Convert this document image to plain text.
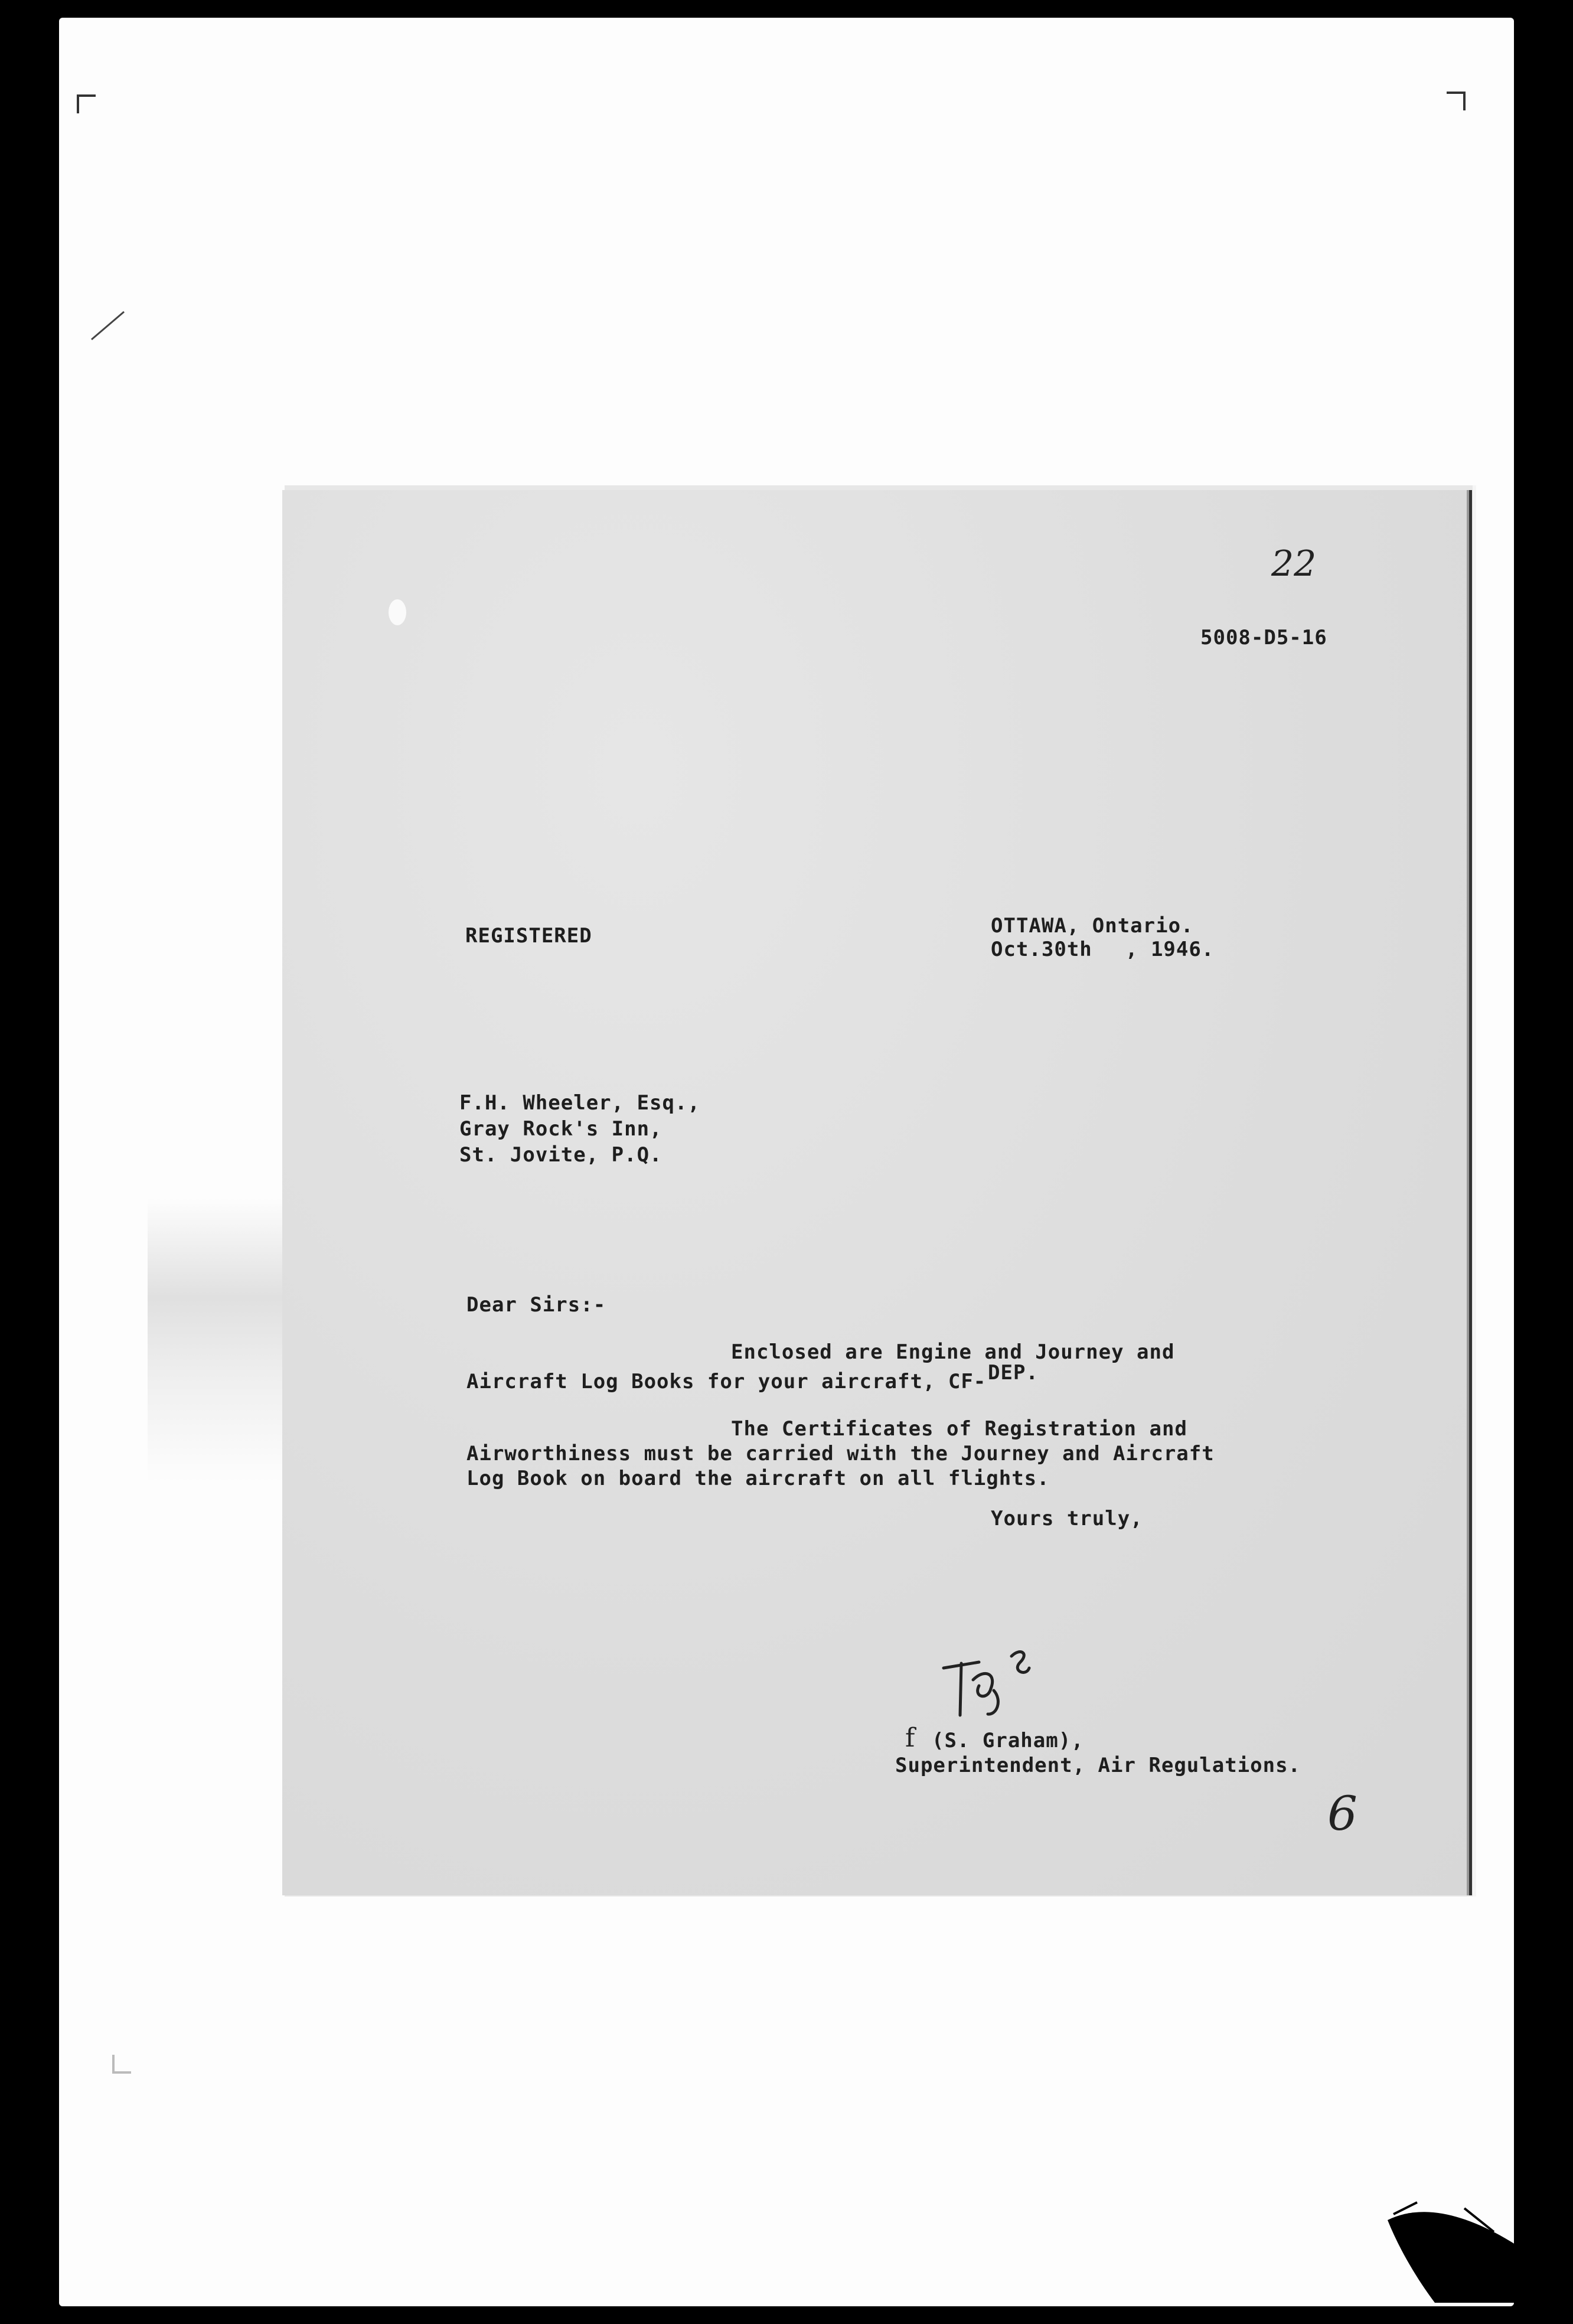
22
5008-D5-16
REGISTERED	OTTAWA, Ontario.
Oct.30th , 1946.
F.H. Wheeler, Esq.,
Gray Rock's Inn,
St. Jovite, P.Q.
Dear Sirs:-
Enclosed are Engine and Journey and
DEP.
Aircraft Log Books for your aircraft, CF-
The Certificates of Registration and
Airworthiness must be carried with the Journey and Aircraft
Log Book on board the aircraft on all flights.
Yours truly,
f (S. Graham),
Superintendent, Air Regulations.
6
